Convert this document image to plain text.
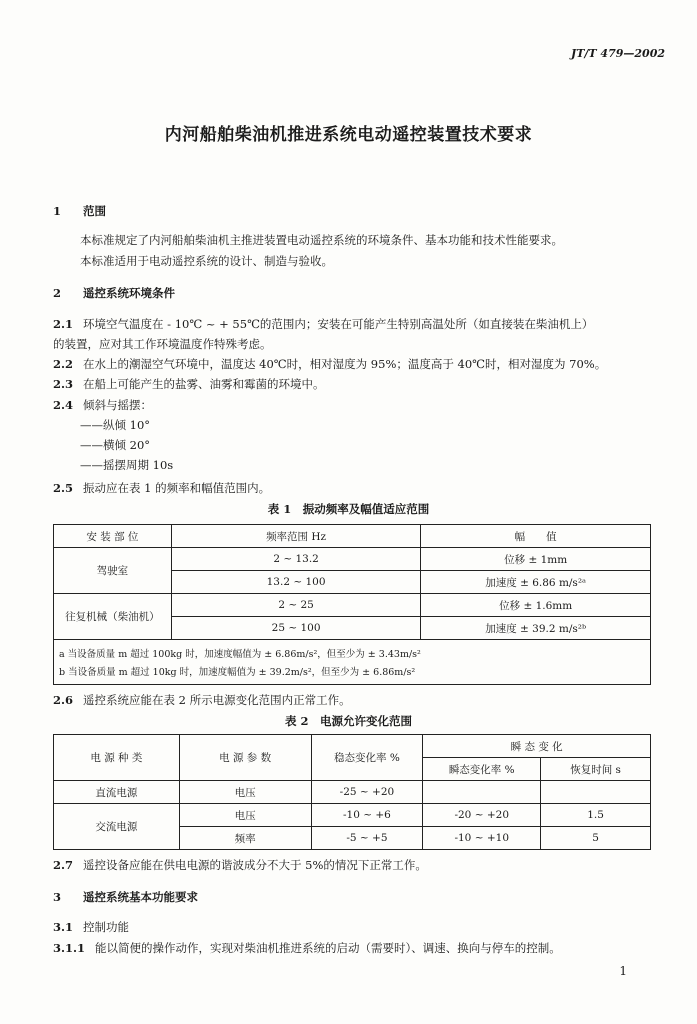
JT/T 479—2002
内河船舶柴油机推进系统电动遥控装置技术要求
1 范围
本标准规定了内河船舶柴油机主推进装置电动遥控系统的环境条件、基本功能和技术性能要求。
本标准适用于电动遥控系统的设计、制造与验收。
2 遥控系统环境条件
2.1 环境空气温度在 - 10℃ ~ + 55℃的范围内；安装在可能产生特别高温处所（如直接装在柴油机上）
的装置，应对其工作环境温度作特殊考虑。
2.2 在水上的潮湿空气环境中，温度达 40℃时，相对湿度为 95%；温度高于 40℃时，相对湿度为 70%。
2.3 在船上可能产生的盐雾、油雾和霉菌的环境中。
2.4 倾斜与摇摆：
——纵倾 10°
——横倾 20°
——摇摆周期 10s
2.5 振动应在表 1 的频率和幅值范围内。
表 1　振动频率及幅值适应范围
安 装 部 位	频率范围 Hz	幅　　值
驾驶室	2 ~ 13.2	位移 ± 1mm
	13.2 ~ 100	加速度 ± 6.86 m/s²ᵃ
往复机械（柴油机）	2 ~ 25	位移 ± 1.6mm
	25 ~ 100	加速度 ± 39.2 m/s²ᵇ
a 当设备质量 m 超过 100kg 时，加速度幅值为 ± 6.86m/s²，但至少为 ± 3.43m/s²		
b 当设备质量 m 超过 10kg 时，加速度幅值为 ± 39.2m/s²，但至少为 ± 6.86m/s²		
2.6 遥控系统应能在表 2 所示电源变化范围内正常工作。
表 2　电源允许变化范围
电 源 种 类	电 源 参 数	稳态变化率 %	瞬 态 变 化	
			瞬态变化率 %	恢复时间 s
直流电源	电压	-25 ~ +20		
交流电源	电压	-10 ~ +6	-20 ~ +20	1.5
	频率	-5 ~ +5	-10 ~ +10	5
2.7 遥控设备应能在供电电源的谐波成分不大于 5%的情况下正常工作。
3 遥控系统基本功能要求
3.1 控制功能
3.1.1 能以简便的操作动作，实现对柴油机推进系统的启动（需要时）、调速、换向与停车的控制。
1
